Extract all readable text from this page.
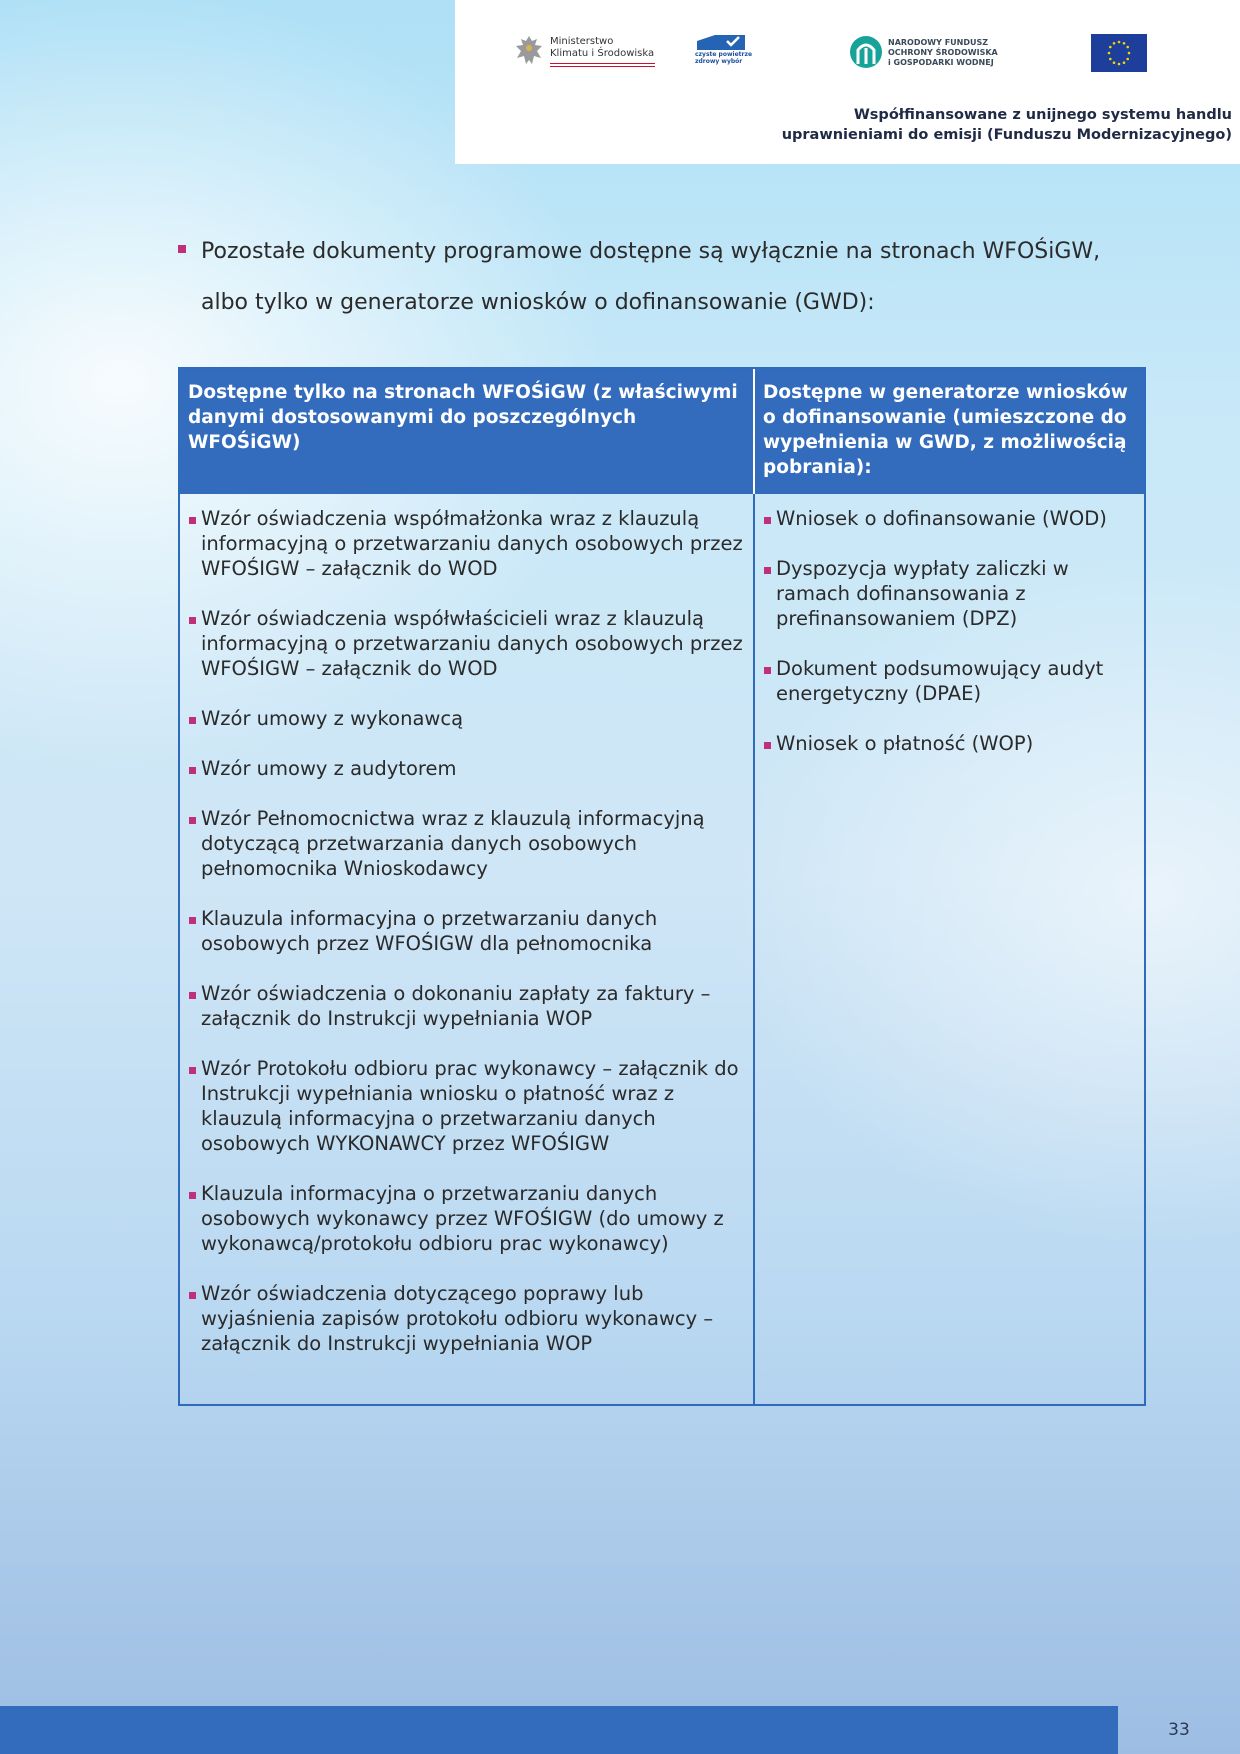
Ministerstwo
Klimatu i Środowiska	czyste powietrze
zdrowy wybór
NARODOWY FUNDUSZ
OCHRONY ŚRODOWISKA
i GOSPODARKI WODNEJ
Współfinansowane z unijnego systemu handlu
uprawnieniami do emisji (Funduszu Modernizacyjnego)

Pozostałe dokumenty programowe dostępne są wyłącznie na stronach WFOŚiGW,

albo tylko w generatorze wniosków o dofinansowanie (GWD):

Dostępne tylko na stronach WFOŚiGW (z właściwymi danymi dostosowanymi do poszczególnych WFOŚiGW)
Dostępne w generatorze wniosków o dofinansowanie (umieszczone do wypełnienia w GWD, z możliwością pobrania):
Wzór oświadczenia współmałżonka wraz z klauzulą informacyjną o przetwarzaniu danych osobowych przez WFOŚIGW – załącznik do WOD
Wzór oświadczenia współwłaścicieli wraz z klauzulą informacyjną o przetwarzaniu danych osobowych przez WFOŚIGW – załącznik do WOD
Wzór umowy z wykonawcą
Wzór umowy z audytorem
Wzór Pełnomocnictwa wraz z klauzulą informacyjną dotyczącą przetwarzania danych osobowych pełnomocnika Wnioskodawcy
Klauzula informacyjna o przetwarzaniu danych osobowych przez WFOŚIGW dla pełnomocnika
Wzór oświadczenia o dokonaniu zapłaty za faktury – załącznik do Instrukcji wypełniania WOP
Wzór Protokołu odbioru prac wykonawcy – załącznik do Instrukcji wypełniania wniosku o płatność wraz z klauzulą informacyjna o przetwarzaniu danych osobowych WYKONAWCY przez WFOŚIGW
Klauzula informacyjna o przetwarzaniu danych osobowych wykonawcy przez WFOŚIGW (do umowy z wykonawcą/protokołu odbioru prac wykonawcy)
Wzór oświadczenia dotyczącego poprawy lub wyjaśnienia zapisów protokołu odbioru wykonawcy – załącznik do Instrukcji wypełniania WOP
Wniosek o dofinansowanie (WOD)
Dyspozycja wypłaty zaliczki w ramach dofinansowania z prefinansowaniem (DPZ)
Dokument podsumowujący audyt energetyczny (DPAE)
Wniosek o płatność (WOP)
33
